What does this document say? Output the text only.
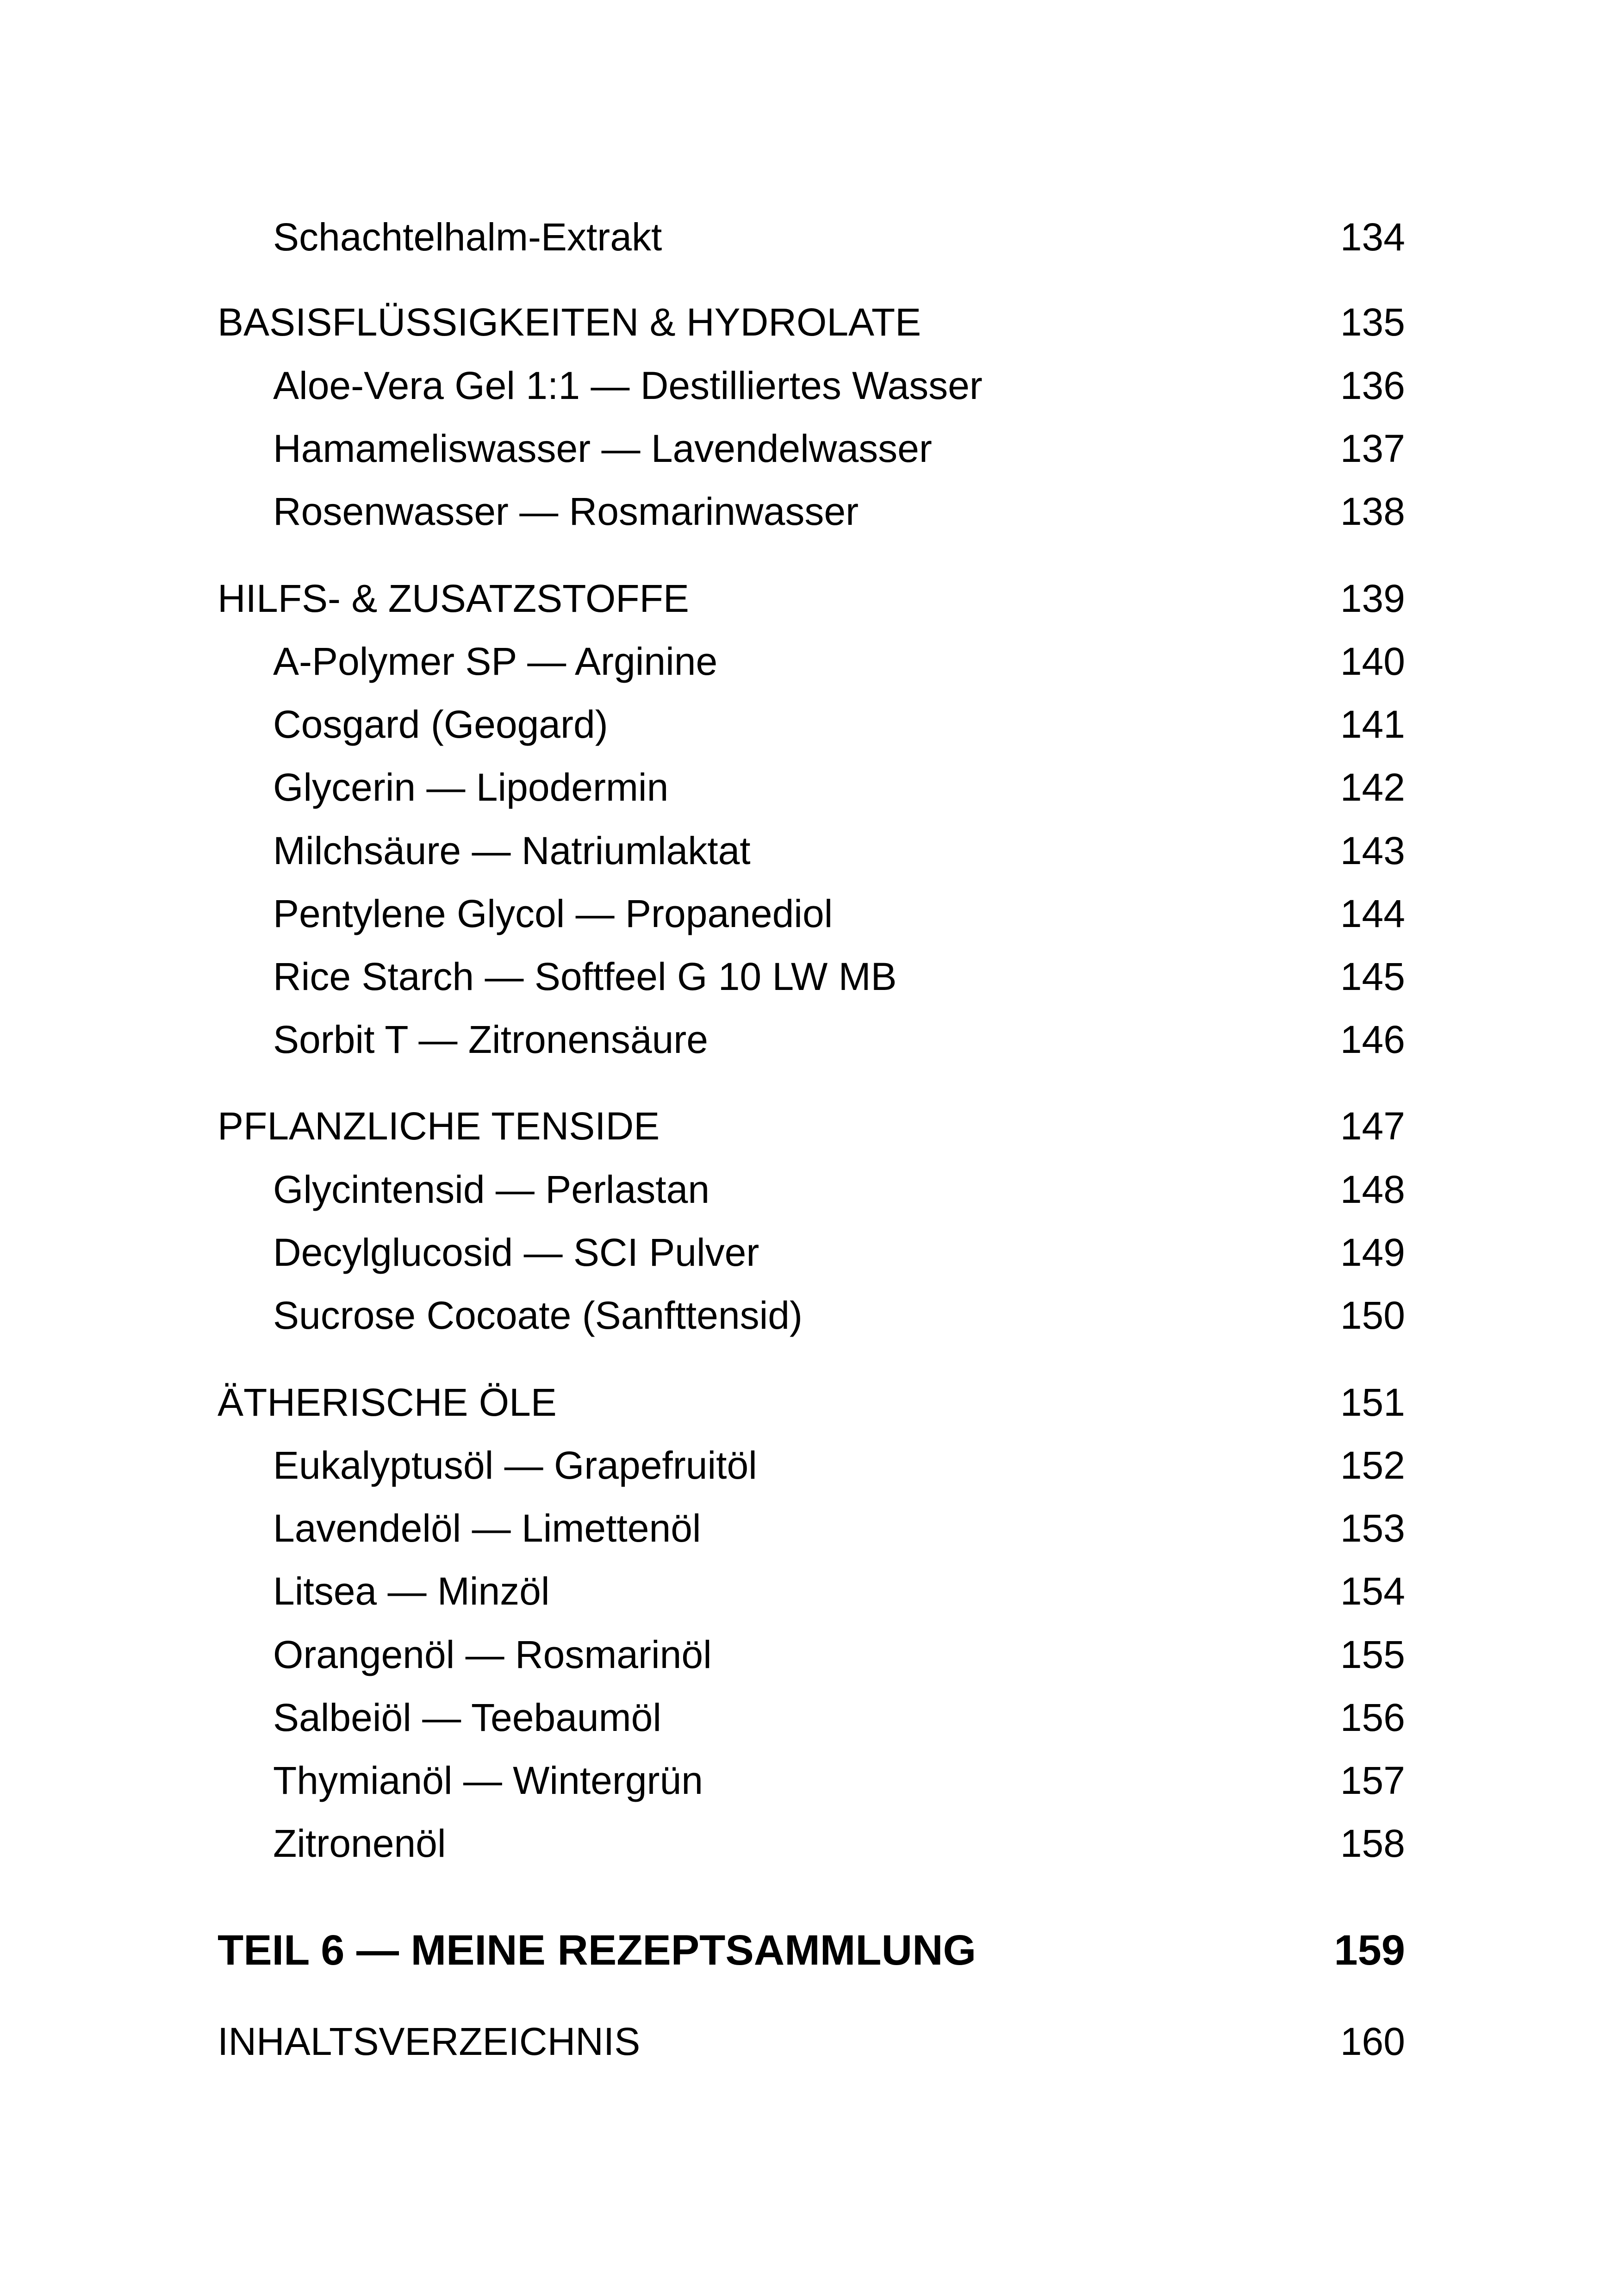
Schachtelhalm-Extrakt	134
BASISFLÜSSIGKEITEN & HYDROLATE	135
Aloe-Vera Gel 1:1 — Destilliertes Wasser	136
Hamameliswasser — Lavendelwasser	137
Rosenwasser — Rosmarinwasser	138
HILFS- & ZUSATZSTOFFE	139
A-Polymer SP — Arginine	140
Cosgard (Geogard)	141
Glycerin — Lipodermin	142
Milchsäure — Natriumlaktat	143
Pentylene Glycol — Propanediol	144
Rice Starch — Softfeel G 10 LW MB	145
Sorbit T — Zitronensäure	146
PFLANZLICHE TENSIDE	147
Glycintensid — Perlastan	148
Decylglucosid — SCI Pulver	149
Sucrose Cocoate (Sanfttensid)	150
ÄTHERISCHE ÖLE	151
Eukalyptusöl — Grapefruitöl	152
Lavendelöl — Limettenöl	153
Litsea — Minzöl	154
Orangenöl — Rosmarinöl	155
Salbeiöl — Teebaumöl	156
Thymianöl — Wintergrün	157
Zitronenöl	158
TEIL 6 — MEINE REZEPTSAMMLUNG	159
INHALTSVERZEICHNIS	160
